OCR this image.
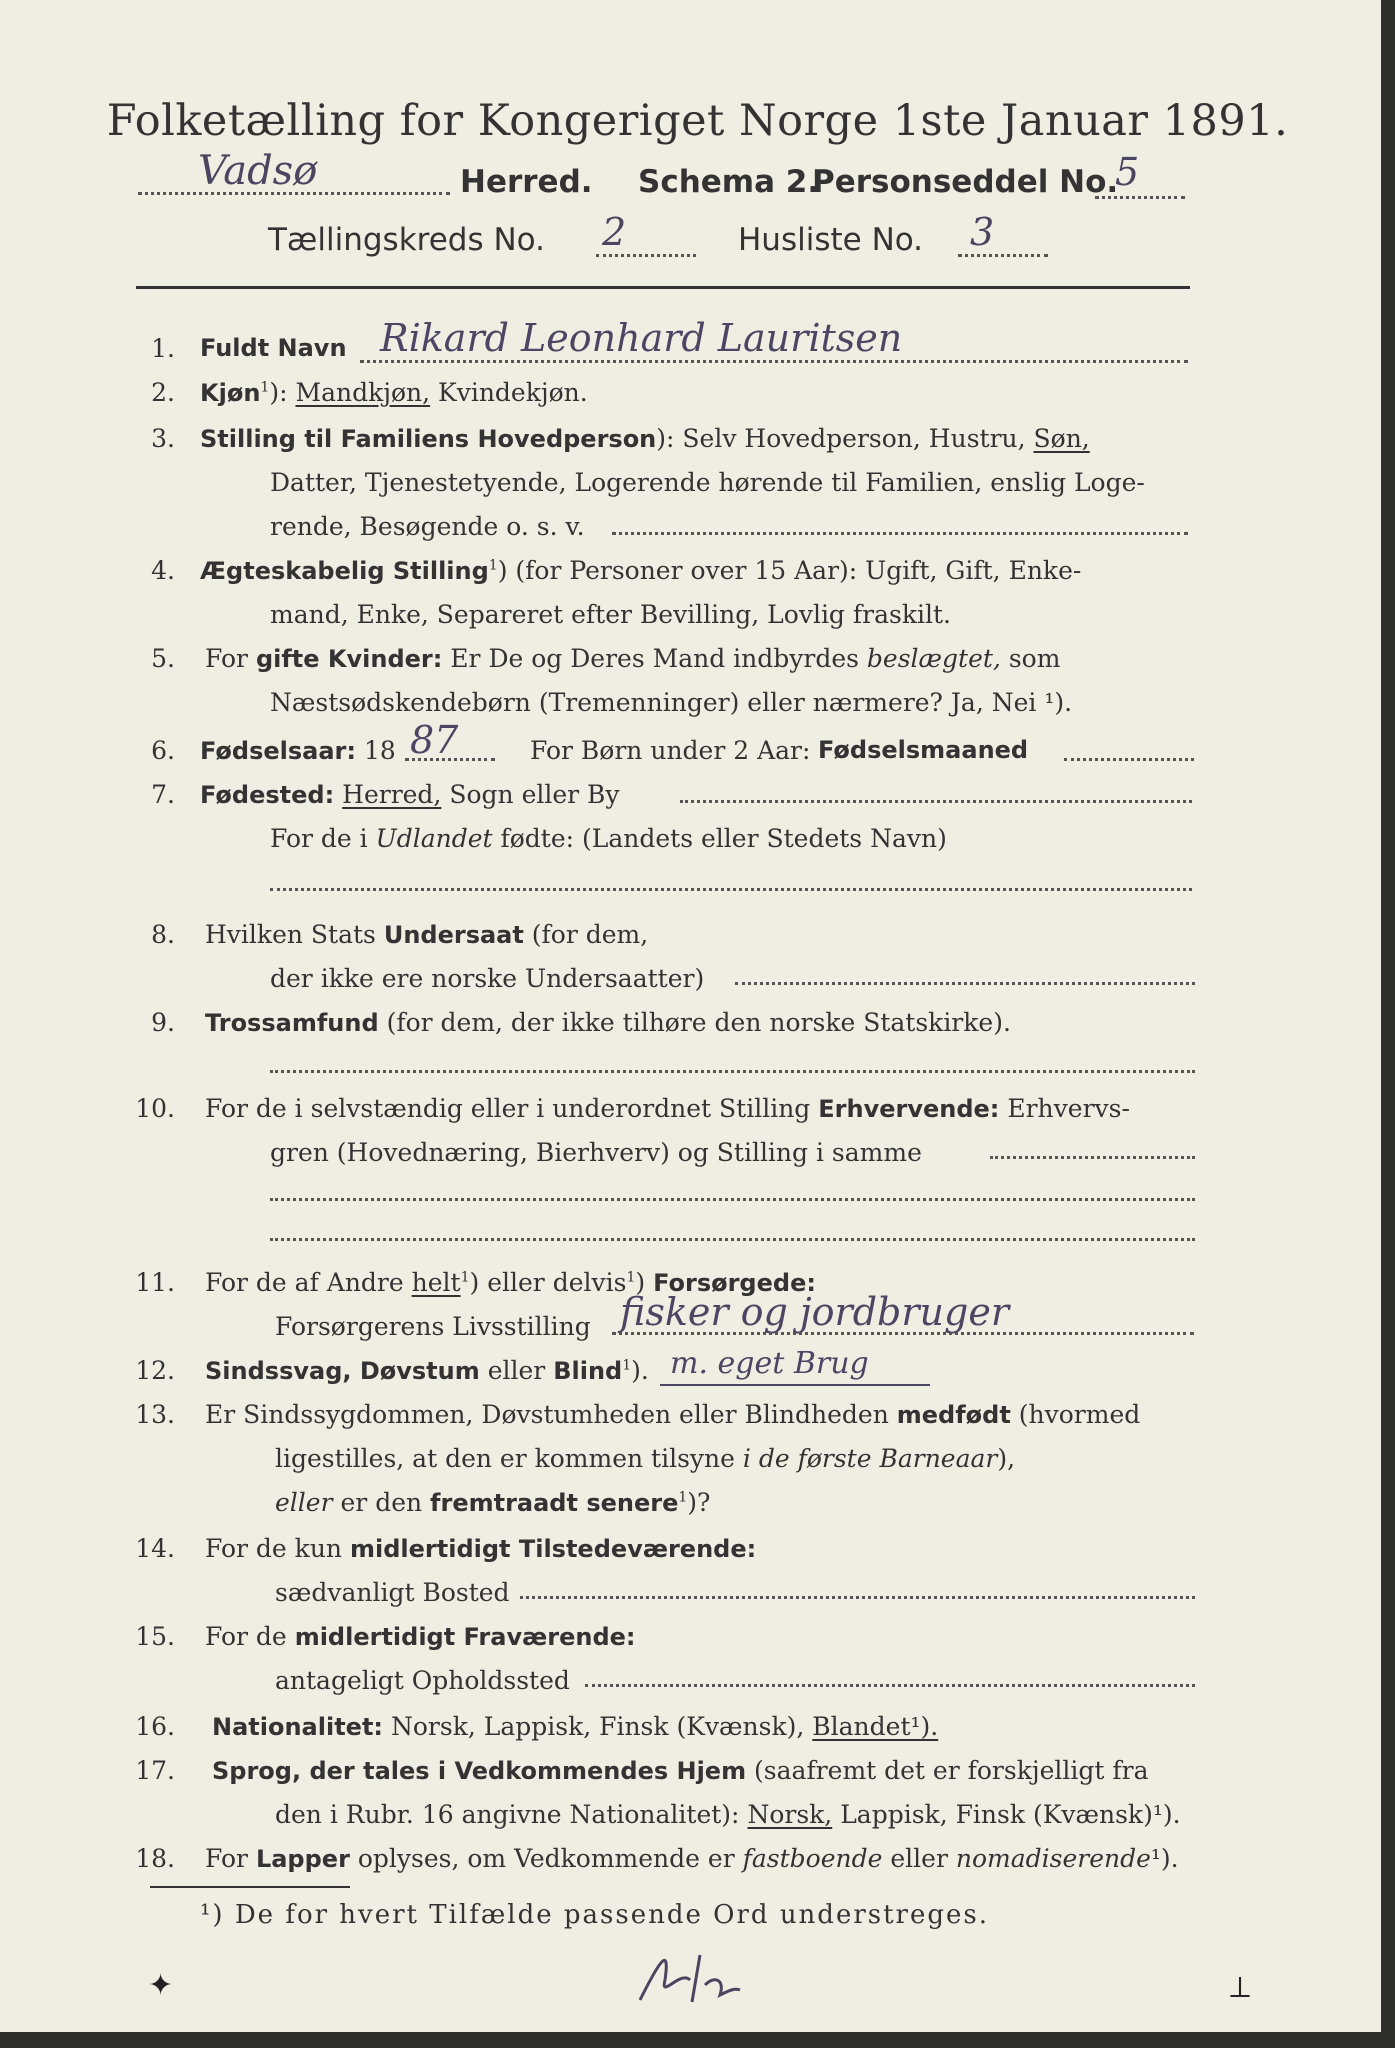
Folketælling for Kongeriget Norge 1ste Januar 1891.
Vadsø	Herred. Schema 2.
Personseddel No.
5
Tællingskreds No. 2	Husliste No. 3
1. Fuldt Navn Rikard Leonhard Lauritsen
2. Kjøn$^1$): Mandkjøn, Kvindekjøn.
3. Stilling til Familiens Hovedperson): Selv Hovedperson, Hustru, Søn,
Datter, Tjenestetyende, Logerende hørende til Familien, enslig Loge-
rende, Besøgende o. s. v.
4. Ægteskabelig Stilling$^1$) (for Personer over 15 Aar): Ugift, Gift, Enke-
mand, Enke, Separeret efter Bevilling, Lovlig fraskilt.
5. For gifte Kvinder: Er De og Deres Mand indbyrdes beslægtet, som
Næstsødskendebørn (Tremenninger) eller nærmere? Ja, Nei ¹).
6. Fødselsaar: 18	For Børn under 2 Aar: Fødselsmaaned
87
7. Fødested: Herred, Sogn eller By
For de i Udlandet fødte: (Landets eller Stedets Navn)
8. Hvilken Stats Undersaat (for dem,
der ikke ere norske Undersaatter)
9. Trossamfund (for dem, der ikke tilhøre den norske Statskirke).
10. For de i selvstændig eller i underordnet Stilling Erhvervende: Erhvervs-
gren (Hovednæring, Bierhverv) og Stilling i samme
11. For de af Andre helt$^1$) eller delvis$^1$) Forsørgede:
Forsørgerens Livsstilling fisker og jordbruger
12. Sindssvag, Døvstum eller Blind$^1$). m. eget Brug
13. Er Sindssygdommen, Døvstumheden eller Blindheden medfødt (hvormed
ligestilles, at den er kommen tilsyne i de første Barneaar),
eller er den fremtraadt senere$^1$)?
14. For de kun midlertidigt Tilstedeværende:
sædvanligt Bosted
15. For de midlertidigt Fraværende:
antageligt Opholdssted
16. Nationalitet: Norsk, Lappisk, Finsk (Kvænsk), Blandet¹).
17. Sprog, der tales i Vedkommendes Hjem (saafremt det er forskjelligt fra
den i Rubr. 16 angivne Nationalitet): Norsk, Lappisk, Finsk (Kvænsk)¹).
18. For Lapper oplyses, om Vedkommende er fastboende eller nomadiserende¹).
¹) De for hvert Tilfælde passende Ord understreges.
✦	⟂
